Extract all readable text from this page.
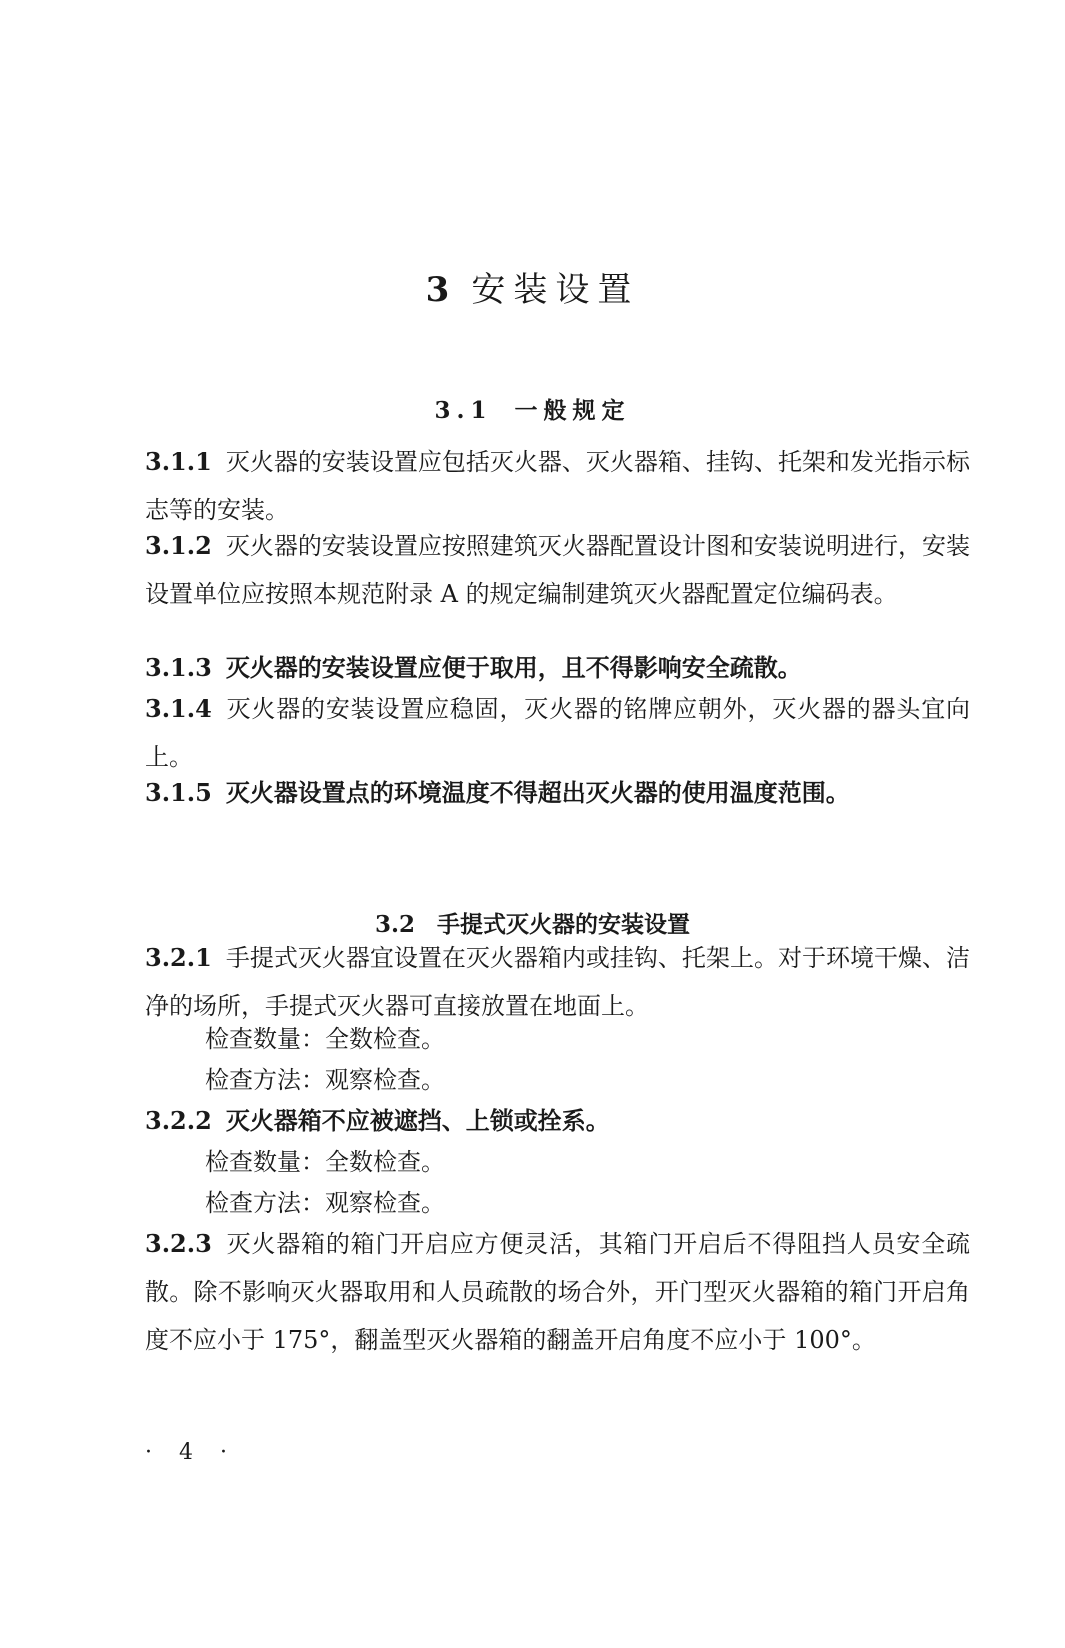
3 安装设置
3.1 一般规定
3.1.1 灭火器的安装设置应包括灭火器、灭火器箱、挂钩、托架和发光指示标志等的安装。
3.1.2 灭火器的安装设置应按照建筑灭火器配置设计图和安装说明进行，安装设置单位应按照本规范附录 A 的规定编制建筑灭火器配置定位编码表。
3.1.3 灭火器的安装设置应便于取用，且不得影响安全疏散。
3.1.4 灭火器的安装设置应稳固，灭火器的铭牌应朝外，灭火器的器头宜向上。
3.1.5 灭火器设置点的环境温度不得超出灭火器的使用温度范围。
3.2 手提式灭火器的安装设置
3.2.1 手提式灭火器宜设置在灭火器箱内或挂钩、托架上。对于环境干燥、洁净的场所，手提式灭火器可直接放置在地面上。
检查数量：全数检查。
检查方法：观察检查。
3.2.2 灭火器箱不应被遮挡、上锁或拴系。
检查数量：全数检查。
检查方法：观察检查。
3.2.3 灭火器箱的箱门开启应方便灵活，其箱门开启后不得阻挡人员安全疏散。除不影响灭火器取用和人员疏散的场合外，开门型灭火器箱的箱门开启角度不应小于 175°，翻盖型灭火器箱的翻盖开启角度不应小于 100°。
· 4 ·
